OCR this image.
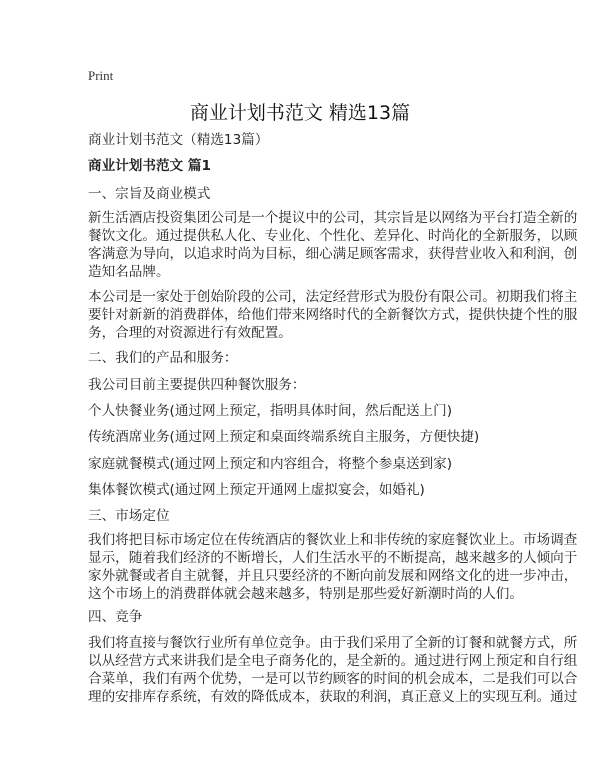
Print
商业计划书范文 精选13篇
商业计划书范文（精选13篇）
商业计划书范文 篇1
一、宗旨及商业模式
新生活酒店投资集团公司是一个提议中的公司，其宗旨是以网络为平台打造全新的
餐饮文化。通过提供私人化、专业化、个性化、差异化、时尚化的全新服务，以顾
客满意为导向，以追求时尚为目标，细心满足顾客需求，获得营业收入和利润，创
造知名品牌。
本公司是一家处于创始阶段的公司，法定经营形式为股份有限公司。初期我们将主
要针对新新的消费群体，给他们带来网络时代的全新餐饮方式，提供快捷个性的服
务，合理的对资源进行有效配置。
二、我们的产品和服务：
我公司目前主要提供四种餐饮服务：
个人快餐业务(通过网上预定，指明具体时间，然后配送上门)
传统酒席业务(通过网上预定和桌面终端系统自主服务，方便快捷)
家庭就餐模式(通过网上预定和内容组合，将整个参桌送到家)
集体餐饮模式(通过网上预定开通网上虚拟宴会，如婚礼)
三、市场定位
我们将把目标市场定位在传统酒店的餐饮业上和非传统的家庭餐饮业上。市场调查
显示，随着我们经济的不断增长，人们生活水平的不断提高，越来越多的人倾向于
家外就餐或者自主就餐，并且只要经济的不断向前发展和网络文化的进一步冲击，
这个市场上的消费群体就会越来越多，特别是那些爱好新潮时尚的人们。
四、竞争
我们将直接与餐饮行业所有单位竞争。由于我们采用了全新的订餐和就餐方式，所
以从经营方式来讲我们是全电子商务化的，是全新的。通过进行网上预定和自行组
合菜单，我们有两个优势，一是可以节约顾客的时间的机会成本，二是我们可以合
理的安排库存系统，有效的降低成本，获取的利润，真正意义上的实现互利。通过
